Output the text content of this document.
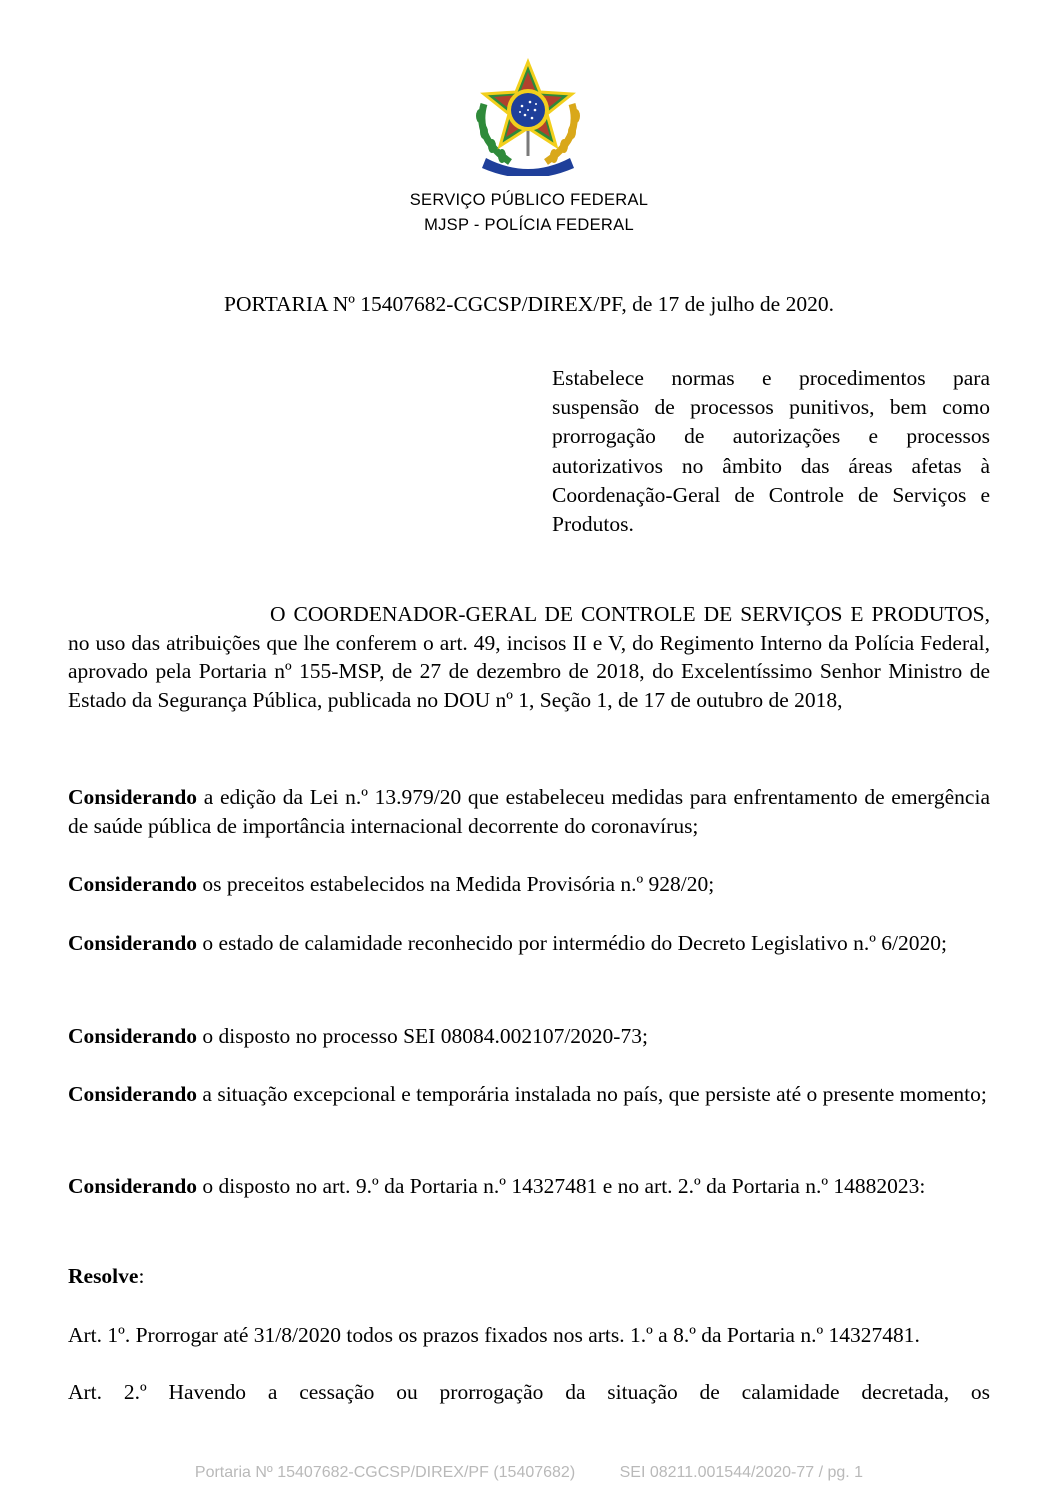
SERVIÇO PÚBLICO FEDERAL
MJSP - POLÍCIA FEDERAL
PORTARIA Nº 15407682-CGCSP/DIREX/PF, de 17 de julho de 2020.
Estabelece normas e procedimentos para suspensão de processos punitivos, bem como prorrogação de autorizações e processos autorizativos no âmbito das áreas afetas à Coordenação-Geral de Controle de Serviços e Produtos.
O COORDENADOR-GERAL DE CONTROLE DE SERVIÇOS E PRODUTOS, no uso das atribuições que lhe conferem o art. 49, incisos II e V, do Regimento Interno da Polícia Federal, aprovado pela Portaria nº 155-MSP, de 27 de dezembro de 2018, do Excelentíssimo Senhor Ministro de Estado da Segurança Pública, publicada no DOU nº 1, Seção 1, de 17 de outubro de 2018,
Considerando a edição da Lei n.º 13.979/20 que estabeleceu medidas para enfrentamento de emergência de saúde pública de importância internacional decorrente do coronavírus;
Considerando os preceitos estabelecidos na Medida Provisória n.º 928/20;
Considerando o estado de calamidade reconhecido por intermédio do Decreto Legislativo n.º 6/2020;
Considerando o disposto no processo SEI 08084.002107/2020-73;
Considerando a situação excepcional e temporária instalada no país, que persiste até o presente momento;
Considerando o disposto no art. 9.º da Portaria n.º 14327481 e no art. 2.º da Portaria n.º 14882023:
Resolve:
Art. 1º. Prorrogar até 31/8/2020 todos os prazos fixados nos arts. 1.º a 8.º da Portaria n.º 14327481.
Art. 2.º Havendo a cessação ou prorrogação da situação de calamidade decretada, os
Portaria Nº 15407682-CGCSP/DIREX/PF (15407682)          SEI 08211.001544/2020-77 / pg. 1
